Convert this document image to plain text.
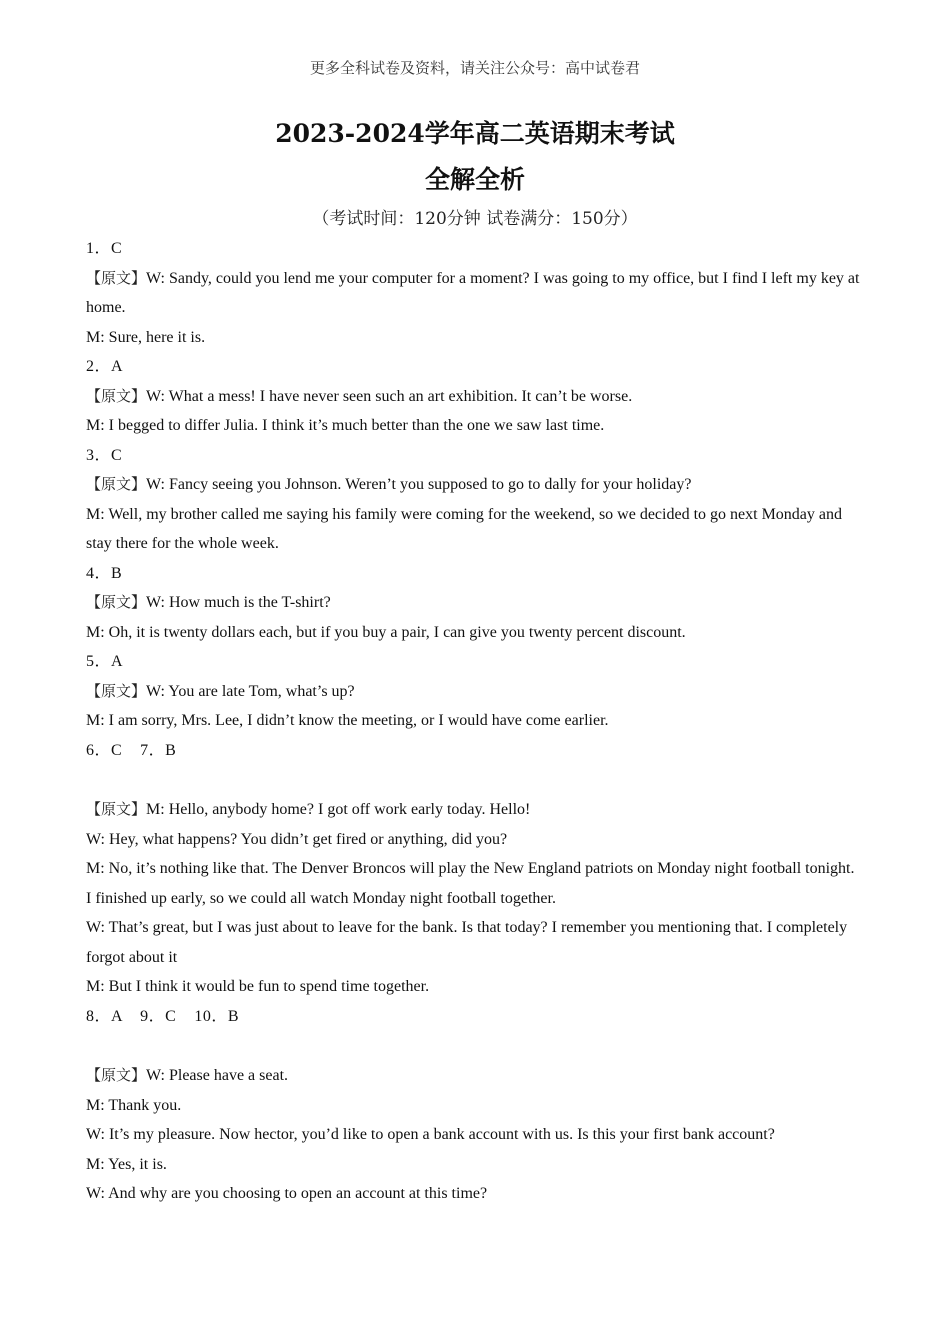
更多全科试卷及资料，请关注公众号：高中试卷君
2023-2024学年高二英语期末考试
全解全析
（考试时间：120分钟 试卷满分：150分）

1．C

【原文】W: Sandy, could you lend me your computer for a moment? I was going to my office, but I find I left my key at home.

M: Sure, here it is.

2．A

【原文】W: What a mess! I have never seen such an art exhibition. It can’t be worse.

M: I begged to differ Julia. I think it’s much better than the one we saw last time.

3．C

【原文】W: Fancy seeing you Johnson. Weren’t you supposed to go to dally for your holiday?

M: Well, my brother called me saying his family were coming for the weekend, so we decided to go next Monday and stay there for the whole week.

4．B

【原文】W: How much is the T-shirt?

M: Oh, it is twenty dollars each, but if you buy a pair, I can give you twenty percent discount.

5．A

【原文】W: You are late Tom, what’s up?

M: I am sorry, Mrs. Lee, I didn’t know the meeting, or I would have come earlier.

6．C    7．B

【原文】M: Hello, anybody home? I got off work early today. Hello!

W: Hey, what happens? You didn’t get fired or anything, did you?

M: No, it’s nothing like that. The Denver Broncos will play the New England patriots on Monday night football tonight. I finished up early, so we could all watch Monday night football together.

W: That’s great, but I was just about to leave for the bank. Is that today? I remember you mentioning that. I completely forgot about it

M: But I think it would be fun to spend time together.

8．A    9．C    10．B

【原文】W: Please have a seat.

M: Thank you.

W: It’s my pleasure. Now hector, you’d like to open a bank account with us. Is this your first bank account?

M: Yes, it is.

W: And why are you choosing to open an account at this time?
